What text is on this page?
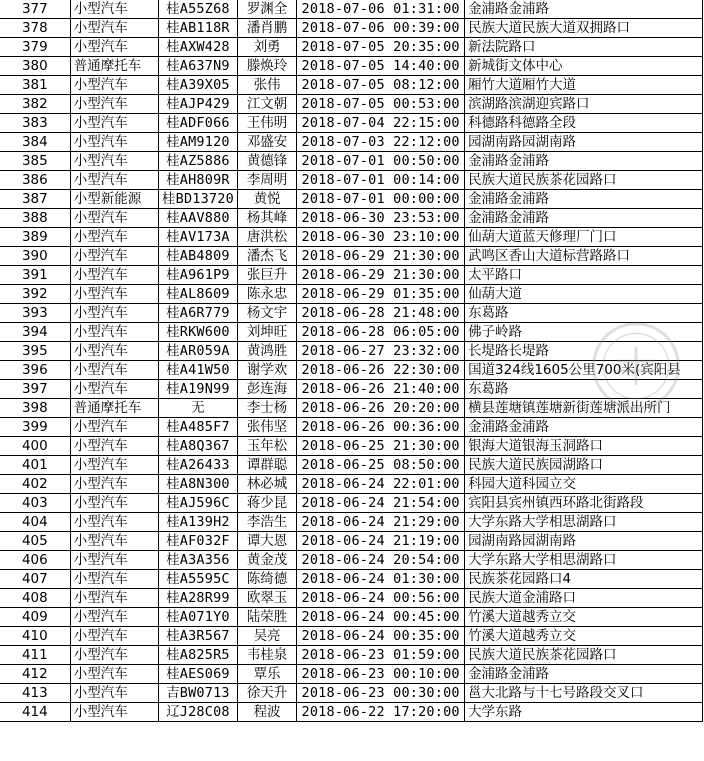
377	小型汽车	桂A55Z68	罗渊全	2018-07-06 01:31:00	金浦路金浦路
378	小型汽车	桂AB118R	潘肖鹏	2018-07-06 00:39:00	民族大道民族大道双拥路口
379	小型汽车	桂AXW428	刘勇	2018-07-05 20:35:00	新法院路口
380	普通摩托车	桂A637N9	滕焕玲	2018-07-05 14:40:00	新城街文体中心
381	小型汽车	桂A39X05	张伟	2018-07-05 08:12:00	厢竹大道厢竹大道
382	小型汽车	桂AJP429	江文朝	2018-07-05 00:53:00	滨湖路滨湖迎宾路口
383	小型汽车	桂ADF066	王伟明	2018-07-04 22:15:00	科德路科德路全段
384	小型汽车	桂AM9120	邓盛安	2018-07-03 22:12:00	园湖南路园湖南路
385	小型汽车	桂AZ5886	黄德锋	2018-07-01 00:50:00	金浦路金浦路
386	小型汽车	桂AH809R	李周明	2018-07-01 00:14:00	民族大道民族茶花园路口
387	小型新能源	桂BD13720	黄悦	2018-07-01 00:00:00	金浦路金浦路
388	小型汽车	桂AAV880	杨其峰	2018-06-30 23:53:00	金浦路金浦路
389	小型汽车	桂AV173A	唐洪松	2018-06-30 23:10:00	仙葫大道蓝天修理厂门口
390	小型汽车	桂AB4809	潘杰飞	2018-06-29 21:30:00	武鸣区香山大道标营路路口
391	小型汽车	桂A961P9	张巨升	2018-06-29 21:30:00	太平路口
392	小型汽车	桂AL8609	陈永忠	2018-06-29 01:35:00	仙葫大道
393	小型汽车	桂A6R779	杨文宇	2018-06-28 21:48:00	东葛路
394	小型汽车	桂RKW600	刘坤旺	2018-06-28 06:05:00	佛子岭路
395	小型汽车	桂AR059A	黄鸿胜	2018-06-27 23:32:00	长堤路长堤路
396	小型汽车	桂A41W50	谢学欢	2018-06-26 22:30:00	国道324线1605公里700米(宾阳县
397	小型汽车	桂A19N99	彭连海	2018-06-26 21:40:00	东葛路
398	普通摩托车	无	李士杨	2018-06-26 20:20:00	横县莲塘镇莲塘新街莲塘派出所门
399	小型汽车	桂A485F7	张伟坚	2018-06-26 00:36:00	金浦路金浦路
400	小型汽车	桂A8Q367	玉年松	2018-06-25 21:30:00	银海大道银海玉洞路口
401	小型汽车	桂A26433	谭群聪	2018-06-25 08:50:00	民族大道民族园湖路口
402	小型汽车	桂A8N300	林必城	2018-06-24 22:01:00	科园大道科园立交
403	小型汽车	桂AJ596C	蒋少昆	2018-06-24 21:54:00	宾阳县宾州镇西环路北街路段
404	小型汽车	桂A139H2	李浩生	2018-06-24 21:29:00	大学东路大学相思湖路口
405	小型汽车	桂AF032F	谭大恩	2018-06-24 21:19:00	园湖南路园湖南路
406	小型汽车	桂A3A356	黄金茂	2018-06-24 20:54:00	大学东路大学相思湖路口
407	小型汽车	桂A5595C	陈绮德	2018-06-24 01:30:00	民族茶花园路口4
408	小型汽车	桂A28R99	欧翠玉	2018-06-24 00:56:00	民族大道金浦路口
409	小型汽车	桂A071Y0	陆荣胜	2018-06-24 00:45:00	竹溪大道越秀立交
410	小型汽车	桂A3R567	吴亮	2018-06-24 00:35:00	竹溪大道越秀立交
411	小型汽车	桂A825R5	韦桂泉	2018-06-23 01:59:00	民族大道民族茶花园路口
412	小型汽车	桂AES069	覃乐	2018-06-23 00:10:00	金浦路金浦路
413	小型汽车	吉BW0713	徐天升	2018-06-23 00:30:00	邕大北路与十七号路段交叉口
414	小型汽车	辽J28C08	程波	2018-06-22 17:20:00	大学东路
